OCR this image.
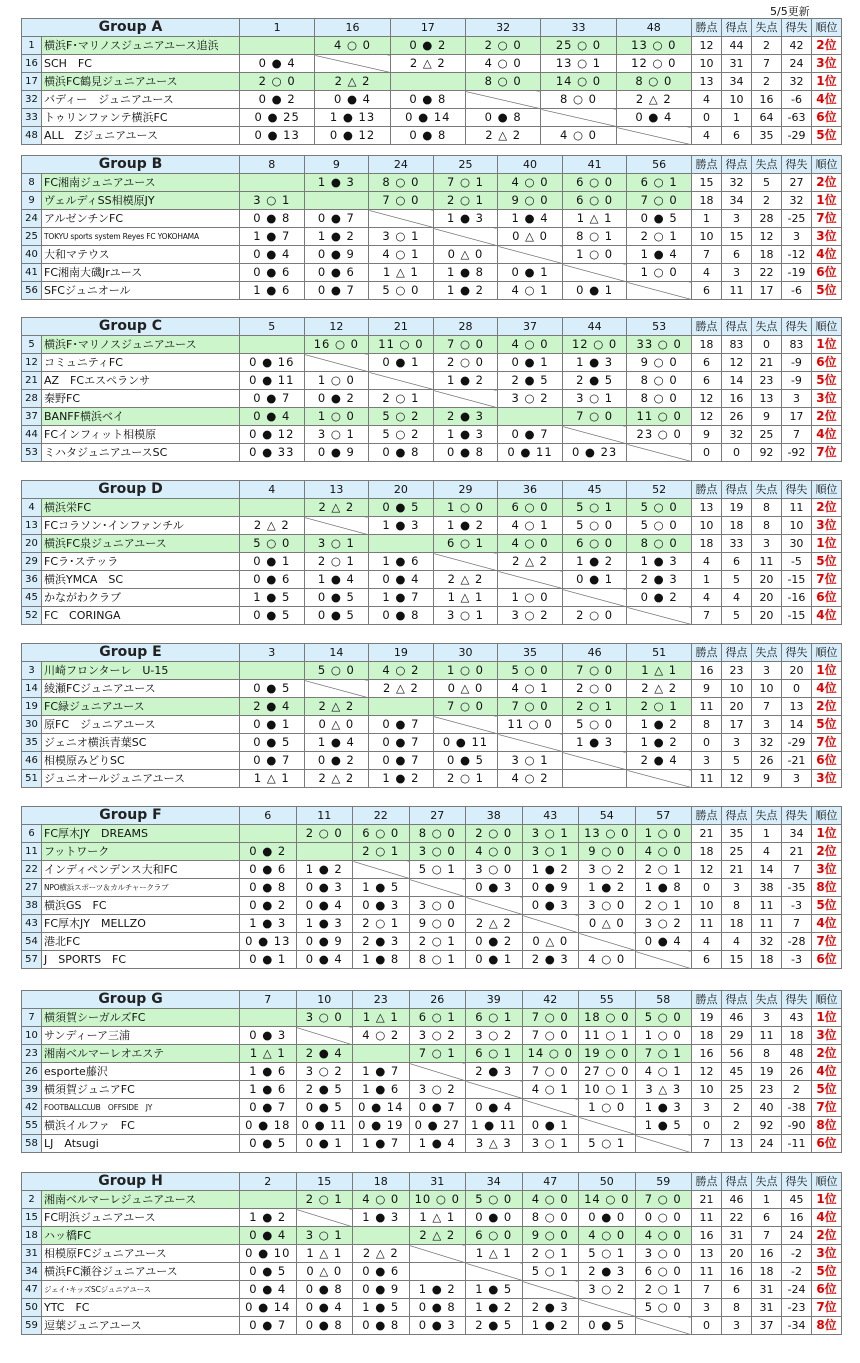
5/5更新
Group A		1	16	17	32	33	48	勝点	得点	失点	得失	順位
1	横浜F･マリノスジュニアユース追浜		4 ○ 0	0 ● 2	2 ○ 0	25 ○ 0	13 ○ 0	12	44	2	42	2位
16	SCH　FC	0 ● 4		2 △ 2	4 ○ 0	13 ○ 1	12 ○ 0	10	31	7	24	3位
17	横浜FC鶴見ジュニアユース	2 ○ 0	2 △ 2		8 ○ 0	14 ○ 0	8 ○ 0	13	34	2	32	1位
32	バディー　ジュニアユース	0 ● 2	0 ● 4	0 ● 8		8 ○ 0	2 △ 2	4	10	16	-6	4位
33	トゥリンファンテ横浜FC	0 ● 25	1 ● 13	0 ● 14	0 ● 8		0 ● 4	0	1	64	-63	6位
48	ALL　Zジュニアユース	0 ● 13	0 ● 12	0 ● 8	2 △ 2	4 ○ 0		4	6	35	-29	5位
Group B		8	9	24	25	40	41	56	勝点	得点	失点	得失	順位
8	FC湘南ジュニアユース		1 ● 3	8 ○ 0	7 ○ 1	4 ○ 0	6 ○ 0	6 ○ 1	15	32	5	27	2位
9	ヴェルディSS相模原JY	3 ○ 1		7 ○ 0	2 ○ 1	9 ○ 0	6 ○ 0	7 ○ 0	18	34	2	32	1位
24	アルゼンチンFC	0 ● 8	0 ● 7		1 ● 3	1 ● 4	1 △ 1	0 ● 5	1	3	28	-25	7位
25	TOKYU sports system Reyes FC YOKOHAMA	1 ● 7	1 ● 2	3 ○ 1		0 △ 0	8 ○ 1	2 ○ 1	10	15	12	3	3位
40	大和マテウス	0 ● 4	0 ● 9	4 ○ 1	0 △ 0		1 ○ 0	1 ● 4	7	6	18	-12	4位
41	FC湘南大磯Jrユース	0 ● 6	0 ● 6	1 △ 1	1 ● 8	0 ● 1		1 ○ 0	4	3	22	-19	6位
56	SFCジュニオール	1 ● 6	0 ● 7	5 ○ 0	1 ● 2	4 ○ 1	0 ● 1		6	11	17	-6	5位
Group C		5	12	21	28	37	44	53	勝点	得点	失点	得失	順位
5	横浜F･マリノスジュニアユース		16 ○ 0	11 ○ 0	7 ○ 0	4 ○ 0	12 ○ 0	33 ○ 0	18	83	0	83	1位
12	コミュニティFC	0 ● 16		0 ● 1	2 ○ 0	0 ● 1	1 ● 3	9 ○ 0	6	12	21	-9	6位
21	AZ　FCエスペランサ	0 ● 11	1 ○ 0		1 ● 2	2 ● 5	2 ● 5	8 ○ 0	6	14	23	-9	5位
28	秦野FC	0 ● 7	0 ● 2	2 ○ 1		3 ○ 2	3 ○ 1	8 ○ 0	12	16	13	3	3位
37	BANFF横浜ベイ	0 ● 4	1 ○ 0	5 ○ 2	2 ● 3		7 ○ 0	11 ○ 0	12	26	9	17	2位
44	FCインフィット相模原	0 ● 12	3 ○ 1	5 ○ 2	1 ● 3	0 ● 7		23 ○ 0	9	32	25	7	4位
53	ミハタジュニアユースSC	0 ● 33	0 ● 9	0 ● 8	0 ● 8	0 ● 11	0 ● 23		0	0	92	-92	7位
Group D		4	13	20	29	36	45	52	勝点	得点	失点	得失	順位
4	横浜栄FC		2 △ 2	0 ● 5	1 ○ 0	6 ○ 0	5 ○ 1	5 ○ 0	13	19	8	11	2位
13	FCコラソン･インファンチル	2 △ 2		1 ● 3	1 ● 2	4 ○ 1	5 ○ 0	5 ○ 0	10	18	8	10	3位
20	横浜FC泉ジュニアユース	5 ○ 0	3 ○ 1		6 ○ 1	4 ○ 0	6 ○ 0	8 ○ 0	18	33	3	30	1位
29	FCラ･ステッラ	0 ● 1	2 ○ 1	1 ● 6		2 △ 2	1 ● 2	1 ● 3	4	6	11	-5	5位
36	横浜YMCA　SC	0 ● 6	1 ● 4	0 ● 4	2 △ 2		0 ● 1	2 ● 3	1	5	20	-15	7位
45	かながわクラブ	1 ● 5	0 ● 5	1 ● 7	1 △ 1	1 ○ 0		0 ● 2	4	4	20	-16	6位
52	FC　CORINGA	0 ● 5	0 ● 5	0 ● 8	3 ○ 1	3 ○ 2	2 ○ 0		7	5	20	-15	4位
Group E		3	14	19	30	35	46	51	勝点	得点	失点	得失	順位
3	川崎フロンターレ　U-15		5 ○ 0	4 ○ 2	1 ○ 0	5 ○ 0	7 ○ 0	1 △ 1	16	23	3	20	1位
14	綾瀬FCジュニアユース	0 ● 5		2 △ 2	0 △ 0	4 ○ 1	2 ○ 0	2 △ 2	9	10	10	0	4位
19	FC緑ジュニアユース	2 ● 4	2 △ 2		7 ○ 0	7 ○ 0	2 ○ 1	2 ○ 1	11	20	7	13	2位
30	原FC　ジュニアユース	0 ● 1	0 △ 0	0 ● 7		11 ○ 0	5 ○ 0	1 ● 2	8	17	3	14	5位
35	ジェニオ横浜青葉SC	0 ● 5	1 ● 4	0 ● 7	0 ● 11		1 ● 3	1 ● 2	0	3	32	-29	7位
46	相模原みどりSC	0 ● 7	0 ● 2	0 ● 7	0 ● 5	3 ○ 1		2 ● 4	3	5	26	-21	6位
51	ジュニオールジュニアユース	1 △ 1	2 △ 2	1 ● 2	2 ○ 1	4 ○ 2			11	12	9	3	3位
Group F		6	11	22	27	38	43	54	57	勝点	得点	失点	得失	順位
6	FC厚木JY　DREAMS		2 ○ 0	6 ○ 0	8 ○ 0	2 ○ 0	3 ○ 1	13 ○ 0	1 ○ 0	21	35	1	34	1位
11	フットワーク	0 ● 2		2 ○ 1	3 ○ 0	4 ○ 0	3 ○ 1	9 ○ 0	4 ○ 0	18	25	4	21	2位
22	インディペンデンス大和FC	0 ● 6	1 ● 2		5 ○ 1	3 ○ 0	1 ● 2	3 ○ 2	2 ○ 1	12	21	14	7	3位
27	NPO横浜スポーツ＆カルチャークラブ	0 ● 8	0 ● 3	1 ● 5		0 ● 3	0 ● 9	1 ● 2	1 ● 8	0	3	38	-35	8位
38	横浜GS　FC	0 ● 2	0 ● 4	0 ● 3	3 ○ 0		0 ● 3	3 ○ 0	2 ○ 1	10	8	11	-3	5位
43	FC厚木JY　MELLZO	1 ● 3	1 ● 3	2 ○ 1	9 ○ 0	2 △ 2		0 △ 0	3 ○ 2	11	18	11	7	4位
54	港北FC	0 ● 13	0 ● 9	2 ● 3	2 ○ 1	0 ● 2	0 △ 0		0 ● 4	4	4	32	-28	7位
57	J　SPORTS　FC	0 ● 1	0 ● 4	1 ● 8	8 ○ 1	0 ● 1	2 ● 3	4 ○ 0		6	15	18	-3	6位
Group G		7	10	23	26	39	42	55	58	勝点	得点	失点	得失	順位
7	横須賀シーガルズFC		3 ○ 0	1 △ 1	6 ○ 1	6 ○ 1	7 ○ 0	18 ○ 0	5 ○ 0	19	46	3	43	1位
10	サンディーア三浦	0 ● 3		4 ○ 2	3 ○ 2	3 ○ 2	7 ○ 0	11 ○ 1	1 ○ 0	18	29	11	18	3位
23	湘南ベルマーレオエステ	1 △ 1	2 ● 4		7 ○ 1	6 ○ 1	14 ○ 0	19 ○ 0	7 ○ 1	16	56	8	48	2位
26	esporte藤沢	1 ● 6	3 ○ 2	1 ● 7		2 ● 3	7 ○ 0	27 ○ 0	4 ○ 1	12	45	19	26	4位
39	横須賀ジュニアFC	1 ● 6	2 ● 5	1 ● 6	3 ○ 2		4 ○ 1	10 ○ 1	3 △ 3	10	25	23	2	5位
42	FOOTBALLCLUB　OFFSIDE　JY	0 ● 7	0 ● 5	0 ● 14	0 ● 7	0 ● 4		1 ○ 0	1 ● 3	3	2	40	-38	7位
55	横浜イルファ　FC	0 ● 18	0 ● 11	0 ● 19	0 ● 27	1 ● 11	0 ● 1		1 ● 5	0	2	92	-90	8位
58	LJ　Atsugi	0 ● 5	0 ● 1	1 ● 7	1 ● 4	3 △ 3	3 ○ 1	5 ○ 1		7	13	24	-11	6位
Group H		2	15	18	31	34	47	50	59	勝点	得点	失点	得失	順位
2	湘南ベルマーレジュニアユース		2 ○ 1	4 ○ 0	10 ○ 0	5 ○ 0	4 ○ 0	14 ○ 0	7 ○ 0	21	46	1	45	1位
15	FC明浜ジュニアユース	1 ● 2		1 ● 3	1 △ 1	0 ● 0	8 ○ 0	0 ● 0	0 ○ 0	11	22	6	16	4位
18	ハッ橋FC	0 ● 4	3 ○ 1		2 △ 2	6 ○ 0	9 ○ 0	4 ○ 0	4 ○ 0	16	31	7	24	2位
31	相模原FCジュニアユース	0 ● 10	1 △ 1	2 △ 2		1 △ 1	2 ○ 1	5 ○ 1	3 ○ 0	13	20	16	-2	3位
34	横浜FC瀬谷ジュニアユース	0 ● 5	0 △ 0	0 ● 6			5 ○ 1	2 ● 3	6 ○ 0	11	16	18	-2	5位
47	ジェイ･キッズSCジュニアユース	0 ● 4	0 ● 8	0 ● 9	1 ● 2	1 ● 5		3 ○ 2	2 ○ 1	7	6	31	-24	6位
50	YTC　FC	0 ● 14	0 ● 4	1 ● 5	0 ● 8	1 ● 2	2 ● 3		5 ○ 0	3	8	31	-23	7位
59	逗葉ジュニアユース	0 ● 7	0 ● 8	0 ● 8	0 ● 3	2 ● 5	1 ● 2	0 ● 5		0	3	37	-34	8位
